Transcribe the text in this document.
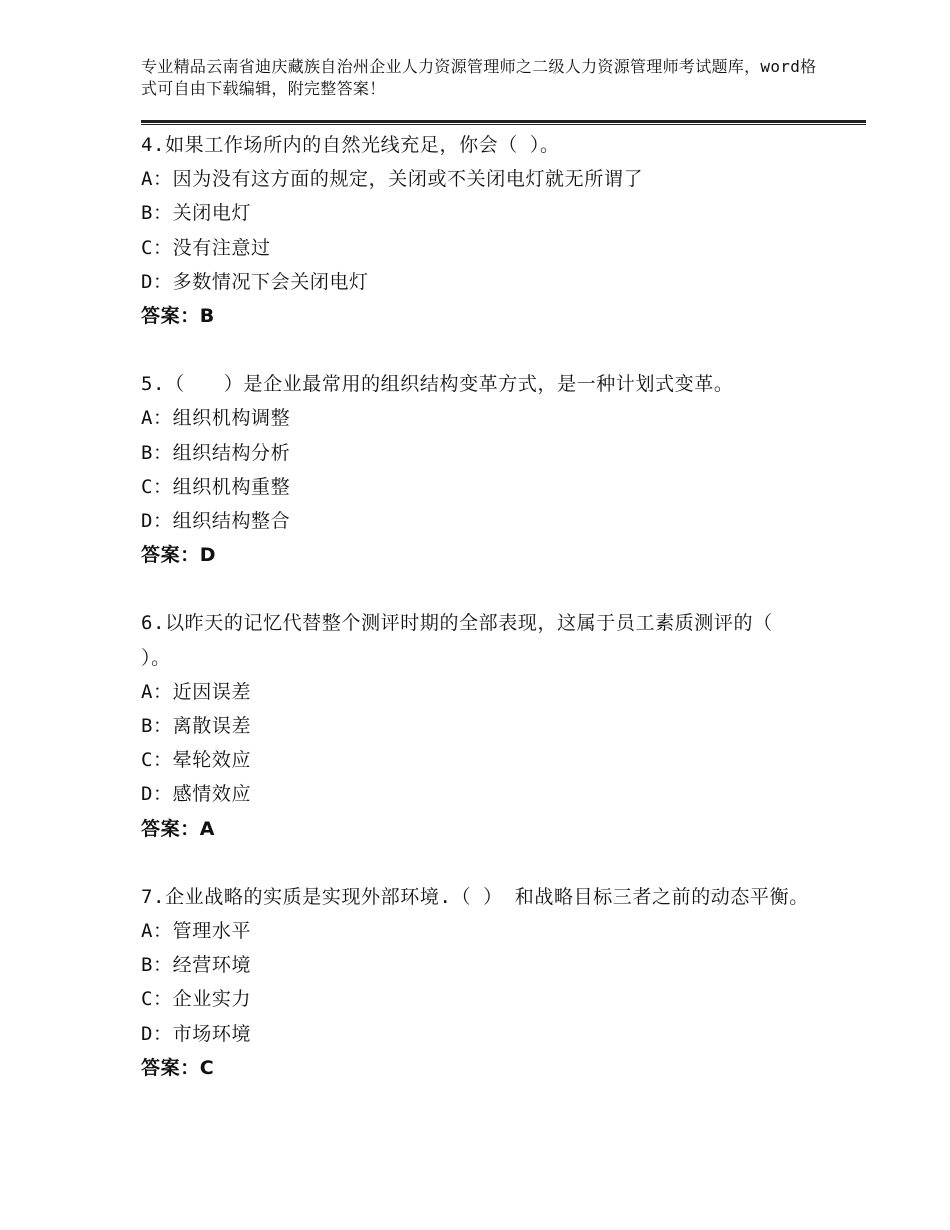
专业精品云南省迪庆藏族自治州企业人力资源管理师之二级人力资源管理师考试题库，word格式可自由下载编辑，附完整答案！
4.如果工作场所内的自然光线充足，你会（ ）。
A：因为没有这方面的规定，关闭或不关闭电灯就无所谓了
B：关闭电灯
C：没有注意过
D：多数情况下会关闭电灯
答案：B
5.（　　）是企业最常用的组织结构变革方式，是一种计划式变革。
A：组织机构调整
B：组织结构分析
C：组织机构重整
D：组织结构整合
答案：D
6.以昨天的记忆代替整个测评时期的全部表现，这属于员工素质测评的（　　）。
A：近因误差
B：离散误差
C：晕轮效应
D：感情效应
答案：A
7.企业战略的实质是实现外部环境.（ ） 和战略目标三者之前的动态平衡。
A：管理水平
B：经营环境
C：企业实力
D：市场环境
答案：C
